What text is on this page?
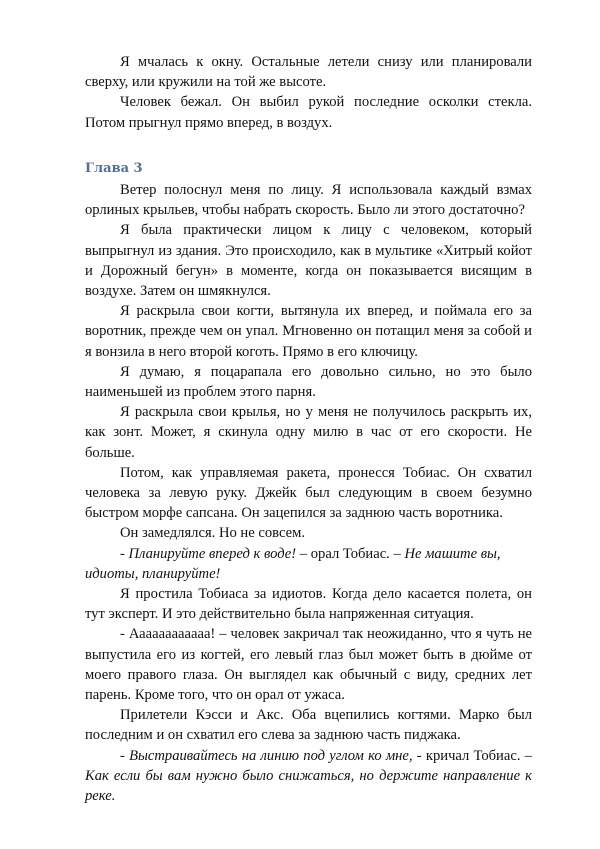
Я мчалась к окну. Остальные летели снизу или планировали сверху, или кружили на той же высоте.

Человек бежал. Он выбил рукой последние осколки стекла. Потом прыгнул прямо вперед, в воздух.

Глава 3

Ветер полоснул меня по лицу. Я использовала каждый взмах орлиных крыльев, чтобы набрать скорость. Было ли этого достаточно?

Я была практически лицом к лицу с человеком, который выпрыгнул из здания. Это происходило, как в мультике «Хитрый койот и Дорожный бегун» в моменте, когда он показывается висящим в воздухе. Затем он шмякнулся.

Я раскрыла свои когти, вытянула их вперед, и поймала его за воротник, прежде чем он упал. Мгновенно он потащил меня за собой и я вонзила в него второй коготь. Прямо в его ключицу.

Я думаю, я поцарапала его довольно сильно, но это было наименьшей из проблем этого парня.

Я раскрыла свои крылья, но у меня не получилось раскрыть их, как зонт. Может, я скинула одну милю в час от его скорости. Не больше.

Потом, как управляемая ракета, пронесся Тобиас. Он схватил человека за левую руку. Джейк был следующим в своем безумно быстром морфе сапсана. Он зацепился за заднюю часть воротника.

Он замедлялся. Но не совсем.

- Планируйте вперед к воде! – орал Тобиас. – Не машите вы, идиоты, планируйте!

Я простила Тобиаса за идиотов. Когда дело касается полета, он тут эксперт. И это действительно была напряженная ситуация.

- Аааааааааааа! – человек закричал так неожиданно, что я чуть не выпустила его из когтей, его левый глаз был может быть в дюйме от моего правого глаза. Он выглядел как обычный с виду, средних лет парень. Кроме того, что он орал от ужаса.

Прилетели Кэсси и Акс. Оба вцепились когтями. Марко был последним и он схватил его слева за заднюю часть пиджака.

- Выстраивайтесь на линию под углом ко мне, - кричал Тобиас. – Как если бы вам нужно было снижаться, но держите направление к реке.
